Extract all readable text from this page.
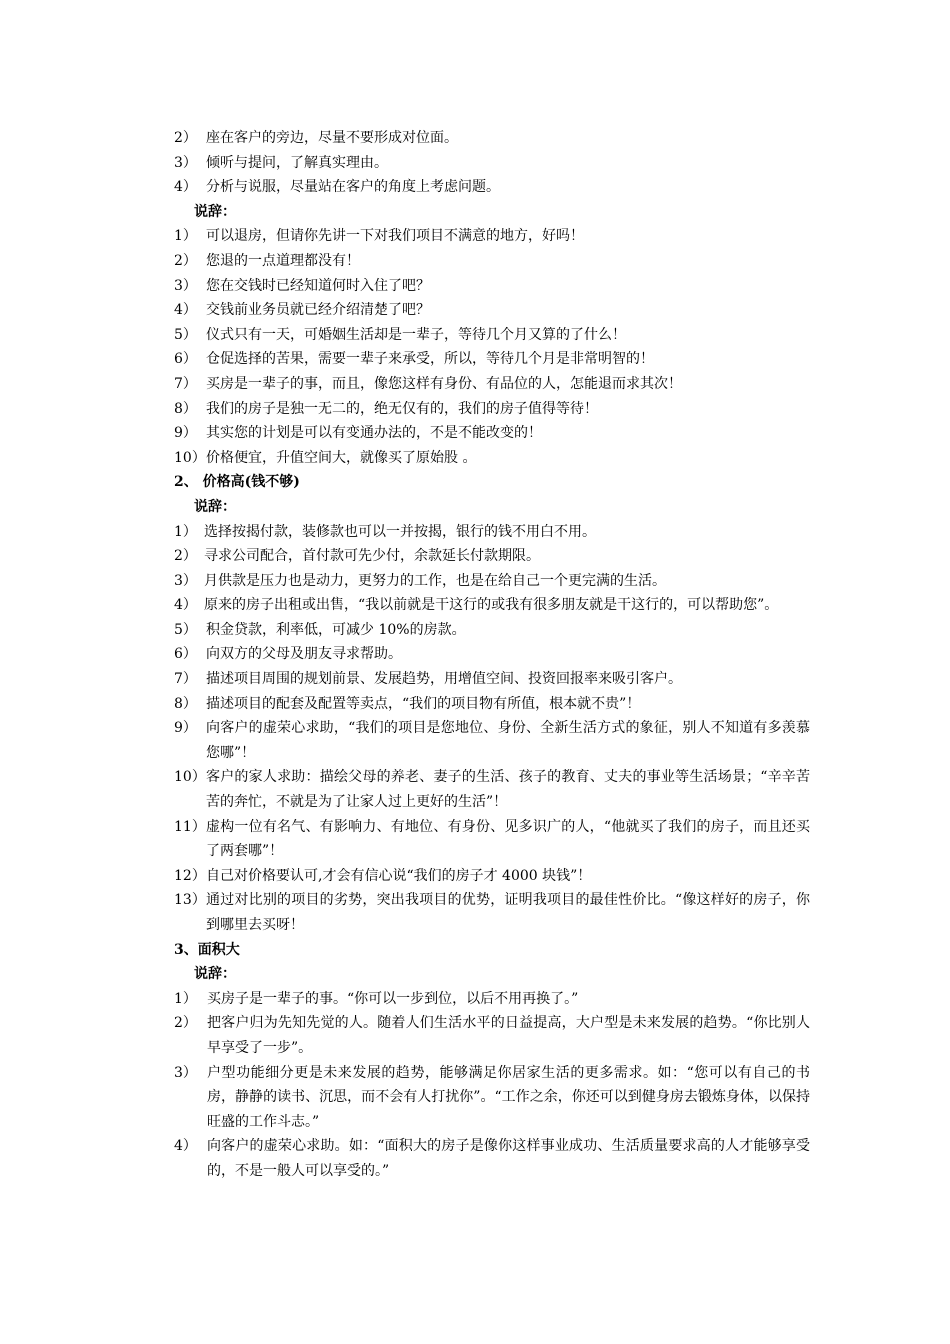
2） 座在客户的旁边，尽量不要形成对位面。
3） 倾听与提问，了解真实理由。
4） 分析与说服，尽量站在客户的角度上考虑问题。
说辞：
1） 可以退房，但请你先讲一下对我们项目不满意的地方，好吗！
2） 您退的一点道理都没有！
3） 您在交钱时已经知道何时入住了吧？
4） 交钱前业务员就已经介绍清楚了吧？
5） 仪式只有一天，可婚姻生活却是一辈子，等待几个月又算的了什么！
6） 仓促选择的苦果，需要一辈子来承受，所以，等待几个月是非常明智的！
7） 买房是一辈子的事，而且，像您这样有身份、有品位的人，怎能退而求其次！
8） 我们的房子是独一无二的，绝无仅有的，我们的房子值得等待！
9） 其实您的计划是可以有变通办法的，不是不能改变的！
10） 价格便宜，升值空间大，就像买了原始股 。
2、 价格高(钱不够)
说辞：
1） 选择按揭付款，装修款也可以一并按揭，银行的钱不用白不用。
2） 寻求公司配合，首付款可先少付，余款延长付款期限。
3） 月供款是压力也是动力，更努力的工作，也是在给自己一个更完满的生活。
4） 原来的房子出租或出售，“我以前就是干这行的或我有很多朋友就是干这行的，可以帮助您”。
5） 积金贷款，利率低，可减少 10%的房款。
6） 向双方的父母及朋友寻求帮助。
7） 描述项目周围的规划前景、发展趋势，用增值空间、投资回报率来吸引客户。
8） 描述项目的配套及配置等卖点，“我们的项目物有所值，根本就不贵”！
9） 向客户的虚荣心求助，“我们的项目是您地位、身份、全新生活方式的象征，别人不知道有多羡慕您哪”！
10） 客户的家人求助：描绘父母的养老、妻子的生活、孩子的教育、丈夫的事业等生活场景；“辛辛苦苦的奔忙，不就是为了让家人过上更好的生活”！
11） 虚构一位有名气、有影响力、有地位、有身份、见多识广的人，“他就买了我们的房子，而且还买了两套哪”！
12） 自己对价格要认可,才会有信心说“我们的房子才 4000 块钱”！
13） 通过对比别的项目的劣势，突出我项目的优势，证明我项目的最佳性价比。“像这样好的房子，你到哪里去买呀！
3、面积大
说辞：
1） 买房子是一辈子的事。“你可以一步到位，以后不用再换了。”
2） 把客户归为先知先觉的人。随着人们生活水平的日益提高，大户型是未来发展的趋势。“你比别人早享受了一步”。
3） 户型功能细分更是未来发展的趋势，能够满足你居家生活的更多需求。如：“您可以有自己的书房，静静的读书、沉思，而不会有人打扰你”。“工作之余，你还可以到健身房去锻炼身体，以保持旺盛的工作斗志。”
4） 向客户的虚荣心求助。如：“面积大的房子是像你这样事业成功、生活质量要求高的人才能够享受的，不是一般人可以享受的。”
